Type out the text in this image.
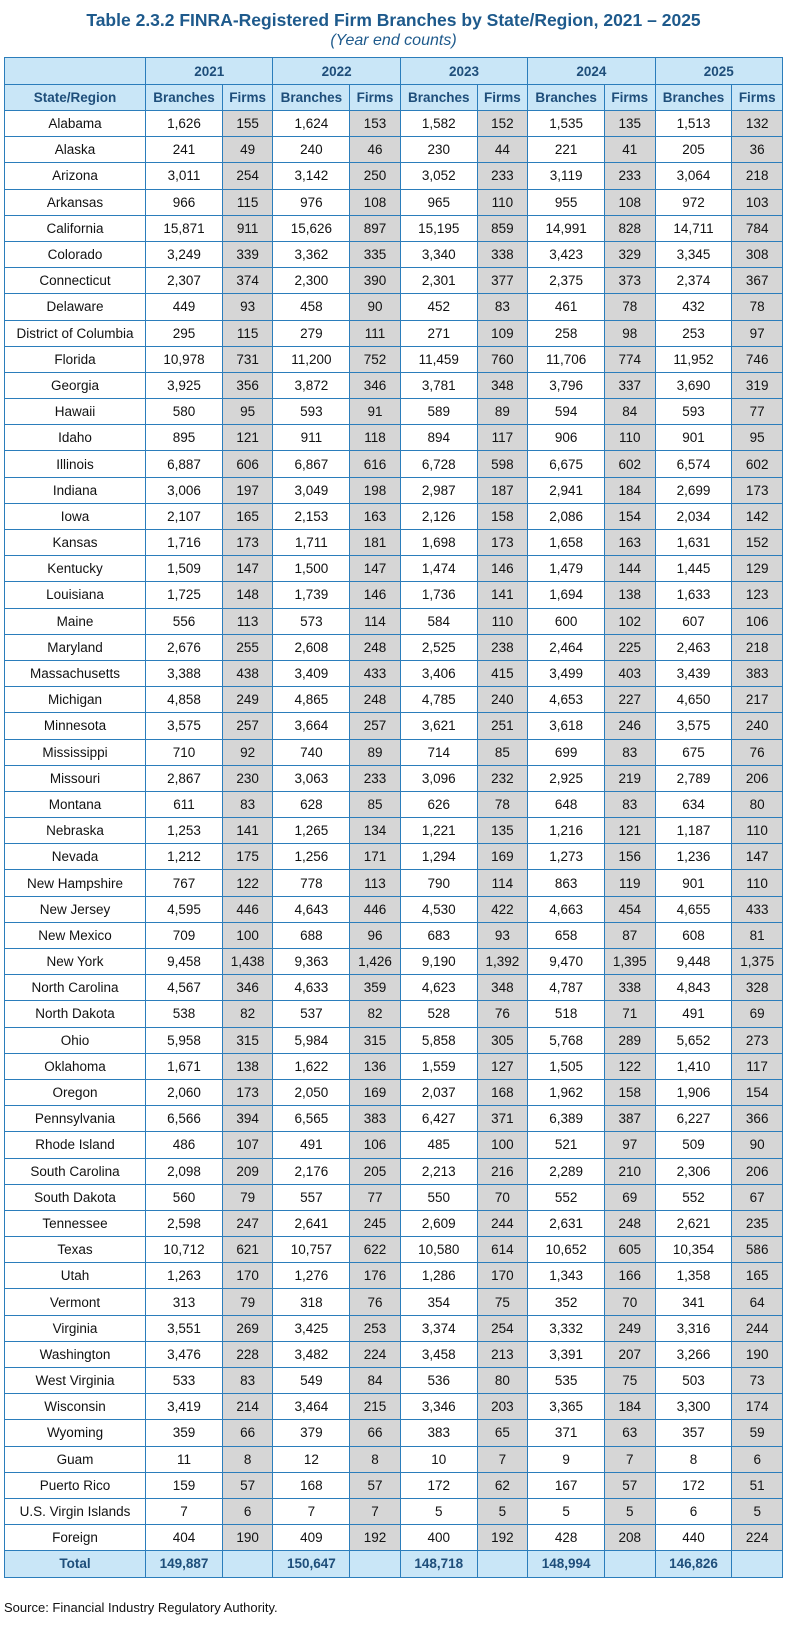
Table 2.3.2 FINRA-Registered Firm Branches by State/Region, 2021 – 2025
(Year end counts)
	2021		2022		2023		2024		2025	
State/Region	Branches	Firms	Branches	Firms	Branches	Firms	Branches	Firms	Branches	Firms
Alabama	1,626	155	1,624	153	1,582	152	1,535	135	1,513	132
Alaska	241	49	240	46	230	44	221	41	205	36
Arizona	3,011	254	3,142	250	3,052	233	3,119	233	3,064	218
Arkansas	966	115	976	108	965	110	955	108	972	103
California	15,871	911	15,626	897	15,195	859	14,991	828	14,711	784
Colorado	3,249	339	3,362	335	3,340	338	3,423	329	3,345	308
Connecticut	2,307	374	2,300	390	2,301	377	2,375	373	2,374	367
Delaware	449	93	458	90	452	83	461	78	432	78
District of Columbia	295	115	279	111	271	109	258	98	253	97
Florida	10,978	731	11,200	752	11,459	760	11,706	774	11,952	746
Georgia	3,925	356	3,872	346	3,781	348	3,796	337	3,690	319
Hawaii	580	95	593	91	589	89	594	84	593	77
Idaho	895	121	911	118	894	117	906	110	901	95
Illinois	6,887	606	6,867	616	6,728	598	6,675	602	6,574	602
Indiana	3,006	197	3,049	198	2,987	187	2,941	184	2,699	173
Iowa	2,107	165	2,153	163	2,126	158	2,086	154	2,034	142
Kansas	1,716	173	1,711	181	1,698	173	1,658	163	1,631	152
Kentucky	1,509	147	1,500	147	1,474	146	1,479	144	1,445	129
Louisiana	1,725	148	1,739	146	1,736	141	1,694	138	1,633	123
Maine	556	113	573	114	584	110	600	102	607	106
Maryland	2,676	255	2,608	248	2,525	238	2,464	225	2,463	218
Massachusetts	3,388	438	3,409	433	3,406	415	3,499	403	3,439	383
Michigan	4,858	249	4,865	248	4,785	240	4,653	227	4,650	217
Minnesota	3,575	257	3,664	257	3,621	251	3,618	246	3,575	240
Mississippi	710	92	740	89	714	85	699	83	675	76
Missouri	2,867	230	3,063	233	3,096	232	2,925	219	2,789	206
Montana	611	83	628	85	626	78	648	83	634	80
Nebraska	1,253	141	1,265	134	1,221	135	1,216	121	1,187	110
Nevada	1,212	175	1,256	171	1,294	169	1,273	156	1,236	147
New Hampshire	767	122	778	113	790	114	863	119	901	110
New Jersey	4,595	446	4,643	446	4,530	422	4,663	454	4,655	433
New Mexico	709	100	688	96	683	93	658	87	608	81
New York	9,458	1,438	9,363	1,426	9,190	1,392	9,470	1,395	9,448	1,375
North Carolina	4,567	346	4,633	359	4,623	348	4,787	338	4,843	328
North Dakota	538	82	537	82	528	76	518	71	491	69
Ohio	5,958	315	5,984	315	5,858	305	5,768	289	5,652	273
Oklahoma	1,671	138	1,622	136	1,559	127	1,505	122	1,410	117
Oregon	2,060	173	2,050	169	2,037	168	1,962	158	1,906	154
Pennsylvania	6,566	394	6,565	383	6,427	371	6,389	387	6,227	366
Rhode Island	486	107	491	106	485	100	521	97	509	90
South Carolina	2,098	209	2,176	205	2,213	216	2,289	210	2,306	206
South Dakota	560	79	557	77	550	70	552	69	552	67
Tennessee	2,598	247	2,641	245	2,609	244	2,631	248	2,621	235
Texas	10,712	621	10,757	622	10,580	614	10,652	605	10,354	586
Utah	1,263	170	1,276	176	1,286	170	1,343	166	1,358	165
Vermont	313	79	318	76	354	75	352	70	341	64
Virginia	3,551	269	3,425	253	3,374	254	3,332	249	3,316	244
Washington	3,476	228	3,482	224	3,458	213	3,391	207	3,266	190
West Virginia	533	83	549	84	536	80	535	75	503	73
Wisconsin	3,419	214	3,464	215	3,346	203	3,365	184	3,300	174
Wyoming	359	66	379	66	383	65	371	63	357	59
Guam	11	8	12	8	10	7	9	7	8	6
Puerto Rico	159	57	168	57	172	62	167	57	172	51
U.S. Virgin Islands	7	6	7	7	5	5	5	5	6	5
Foreign	404	190	409	192	400	192	428	208	440	224
Total	149,887		150,647		148,718		148,994		146,826	
Source: Financial Industry Regulatory Authority.
